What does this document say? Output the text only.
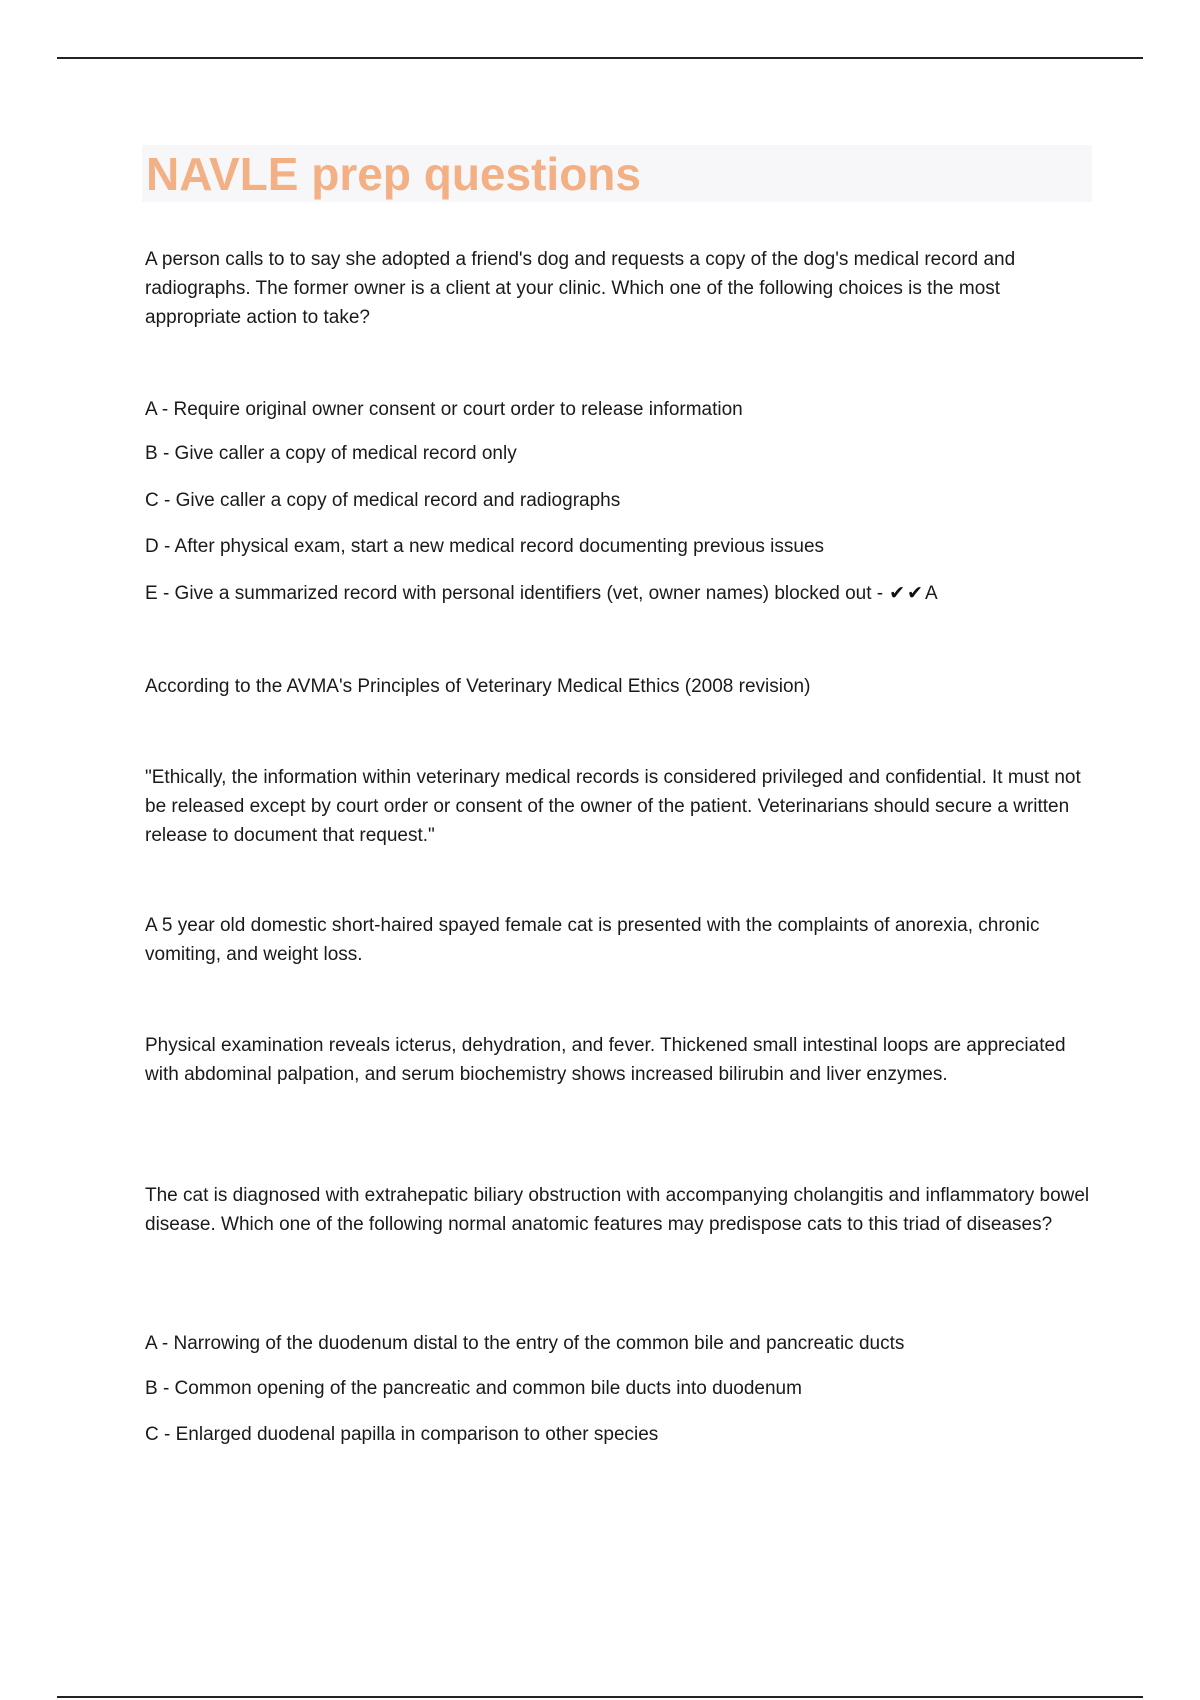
NAVLE prep questions

A person calls to to say she adopted a friend's dog and requests a copy of the dog's medical record and radiographs. The former owner is a client at your clinic. Which one of the following choices is the most appropriate action to take?

A - Require original owner consent or court order to release information

B - Give caller a copy of medical record only

C - Give caller a copy of medical record and radiographs

D - After physical exam, start a new medical record documenting previous issues

E - Give a summarized record with personal identifiers (vet, owner names) blocked out - ✔✔A

According to the AVMA's Principles of Veterinary Medical Ethics (2008 revision)

"Ethically, the information within veterinary medical records is considered privileged and confidential. It must not be released except by court order or consent of the owner of the patient. Veterinarians should secure a written release to document that request."

A 5 year old domestic short-haired spayed female cat is presented with the complaints of anorexia, chronic vomiting, and weight loss.

Physical examination reveals icterus, dehydration, and fever. Thickened small intestinal loops are appreciated with abdominal palpation, and serum biochemistry shows increased bilirubin and liver enzymes.

The cat is diagnosed with extrahepatic biliary obstruction with accompanying cholangitis and inflammatory bowel disease. Which one of the following normal anatomic features may predispose cats to this triad of diseases?

A - Narrowing of the duodenum distal to the entry of the common bile and pancreatic ducts

B - Common opening of the pancreatic and common bile ducts into duodenum

C - Enlarged duodenal papilla in comparison to other species
